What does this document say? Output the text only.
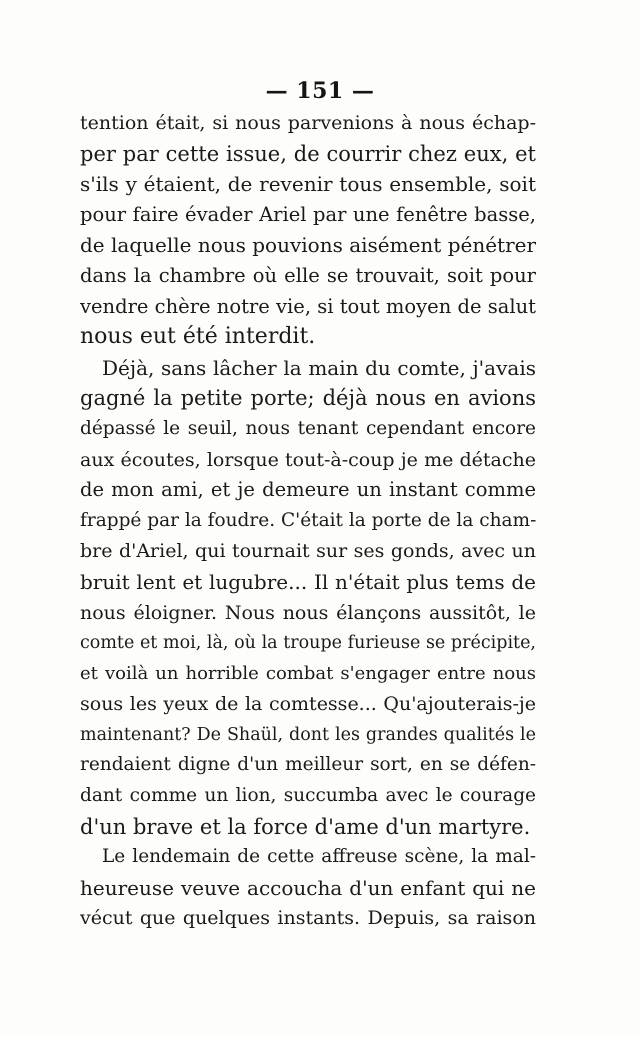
— 151 —
tention était, si nous parvenions à nous échap-
per par cette issue, de courrir chez eux, et
s'ils y étaient, de revenir tous ensemble, soit
pour faire évader Ariel par une fenêtre basse,
de laquelle nous pouvions aisément pénétrer
dans la chambre où elle se trouvait, soit pour
vendre chère notre vie, si tout moyen de salut
nous eut été interdit.
Déjà, sans lâcher la main du comte, j'avais
gagné la petite porte; déjà nous en avions
dépassé le seuil, nous tenant cependant encore
aux écoutes, lorsque tout-à-coup je me détache
de mon ami, et je demeure un instant comme
frappé par la foudre. C'était la porte de la cham-
bre d'Ariel, qui tournait sur ses gonds, avec un
bruit lent et lugubre... Il n'était plus tems de
nous éloigner. Nous nous élançons aussitôt, le
comte et moi, là, où la troupe furieuse se précipite,
et voilà un horrible combat s'engager entre nous
sous les yeux de la comtesse... Qu'ajouterais-je
maintenant? De Shaül, dont les grandes qualités le
rendaient digne d'un meilleur sort, en se défen-
dant comme un lion, succumba avec le courage
d'un brave et la force d'ame d'un martyre.
Le lendemain de cette affreuse scène, la mal-
heureuse veuve accoucha d'un enfant qui ne
vécut que quelques instants. Depuis, sa raison
